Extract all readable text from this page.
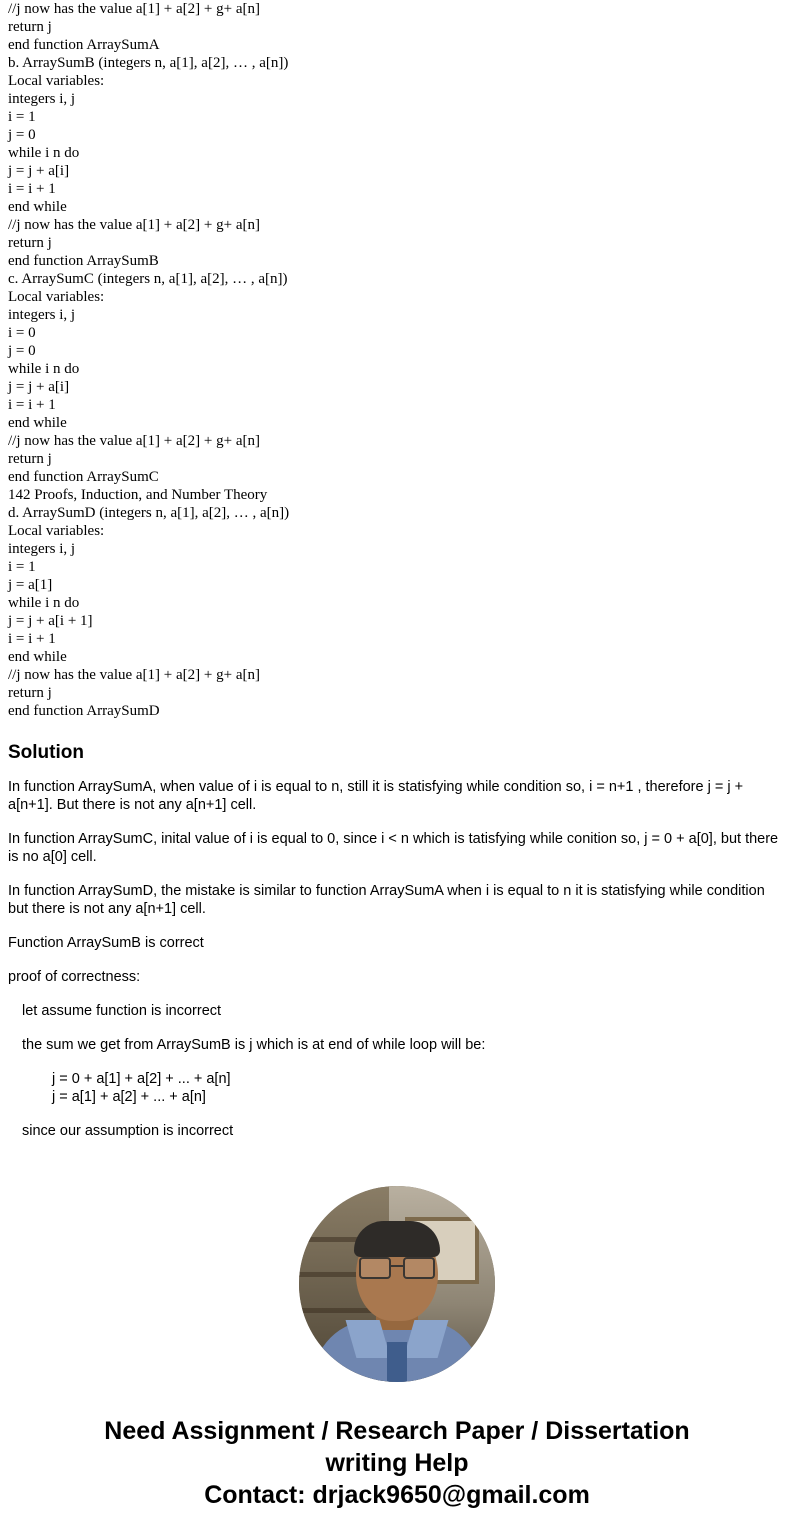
//j now has the value a[1] + a[2] + g+ a[n]
return j
end function ArraySumA
b. ArraySumB (integers n, a[1], a[2], … , a[n])
Local variables:
integers i, j
i = 1
j = 0
while i n do
j = j + a[i]
i = i + 1
end while
//j now has the value a[1] + a[2] + g+ a[n]
return j
end function ArraySumB
c. ArraySumC (integers n, a[1], a[2], … , a[n])
Local variables:
integers i, j
i = 0
j = 0
while i n do
j = j + a[i]
i = i + 1
end while
//j now has the value a[1] + a[2] + g+ a[n]
return j
end function ArraySumC
142 Proofs, Induction, and Number Theory
d. ArraySumD (integers n, a[1], a[2], … , a[n])
Local variables:
integers i, j
i = 1
j = a[1]
while i n do
j = j + a[i + 1]
i = i + 1
end while
//j now has the value a[1] + a[2] + g+ a[n]
return j
end function ArraySumD
Solution

In function ArraySumA, when value of i is equal to n, still it is statisfying while condition so, i = n+1 , therefore j = j + a[n+1]. But there is not any a[n+1] cell.

In function ArraySumC, inital value of i is equal to 0, since i < n which is tatisfying while conition so, j = 0 + a[0], but there is no a[0] cell.

In function ArraySumD, the mistake is similar to function ArraySumA when i is equal to n it is statisfying while condition but there is not any a[n+1] cell.

Function ArraySumB is correct

proof of correctness:
let assume function is incorrect
the sum we get from ArraySumB is j which is at end of while loop will be:
j = 0 + a[1] + a[2] + ... + a[n]
j = a[1] + a[2] + ... + a[n]
since our assumption is incorrect
Need Assignment / Research Paper / Dissertation
writing Help
Contact: drjack9650@gmail.com
